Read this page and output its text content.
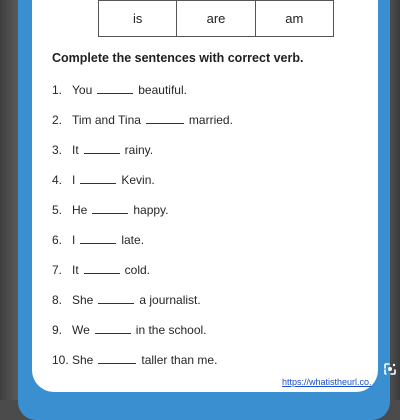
is	are	am
Complete the sentences with correct verb.
1. You	beautiful.
2. Tim and Tina	married.
3. It	rainy.
4. I	Kevin.
5. He	happy.
6. I	late.
7. It	cold.
8. She	a journalist.
9. We	in the school.
10. She	taller than me.
https://whatistheurl.co.
